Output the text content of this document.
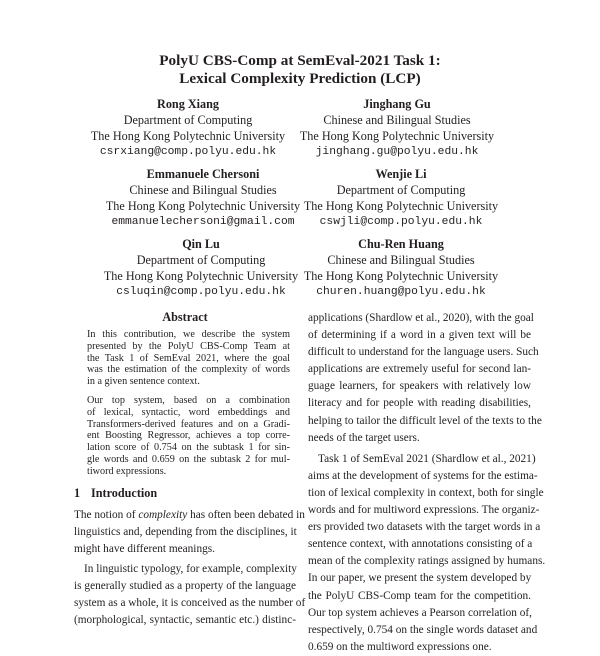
PolyU CBS-Comp at SemEval-2021 Task 1:
Lexical Complexity Prediction (LCP)
Rong Xiang
Department of Computing
The Hong Kong Polytechnic University
csrxiang@comp.polyu.edu.hk
Jinghang Gu
Chinese and Bilingual Studies
The Hong Kong Polytechnic University
jinghang.gu@polyu.edu.hk
Emmanuele Chersoni
Chinese and Bilingual Studies
The Hong Kong Polytechnic University
emmanuelechersoni@gmail.com
Wenjie Li
Department of Computing
The Hong Kong Polytechnic University
cswjli@comp.polyu.edu.hk
Qin Lu
Department of Computing
The Hong Kong Polytechnic University
csluqin@comp.polyu.edu.hk
Chu-Ren Huang
Chinese and Bilingual Studies
The Hong Kong Polytechnic University
churen.huang@polyu.edu.hk
Abstract
In this contribution, we describe the system
presented by the PolyU CBS-Comp Team at
the Task 1 of SemEval 2021, where the goal
was the estimation of the complexity of words
in a given sentence context.
Our top system, based on a combination
of lexical, syntactic, word embeddings and
Transformers-derived features and on a Gradi-
ent Boosting Regressor, achieves a top corre-
lation score of 0.754 on the subtask 1 for sin-
gle words and 0.659 on the subtask 2 for mul-
tiword expressions.
1 Introduction
The notion of complexity has often been debated in
linguistics and, depending from the disciplines, it
might have different meanings.
In linguistic typology, for example, complexity
is generally studied as a property of the language
system as a whole, it is conceived as the number of
(morphological, syntactic, semantic etc.) distinc-
applications (Shardlow et al., 2020), with the goal
of determining if a word in a given text will be
difficult to understand for the language users. Such
applications are extremely useful for second lan-
guage learners, for speakers with relatively low
literacy and for people with reading disabilities,
helping to tailor the difficult level of the texts to the
needs of the target users.
Task 1 of SemEval 2021 (Shardlow et al., 2021)
aims at the development of systems for the estima-
tion of lexical complexity in context, both for single
words and for multiword expressions. The organiz-
ers provided two datasets with the target words in a
sentence context, with annotations consisting of a
mean of the complexity ratings assigned by humans.
In our paper, we present the system developed by
the PolyU CBS-Comp team for the competition.
Our top system achieves a Pearson correlation of,
respectively, 0.754 on the single words dataset and
0.659 on the multiword expressions one.
